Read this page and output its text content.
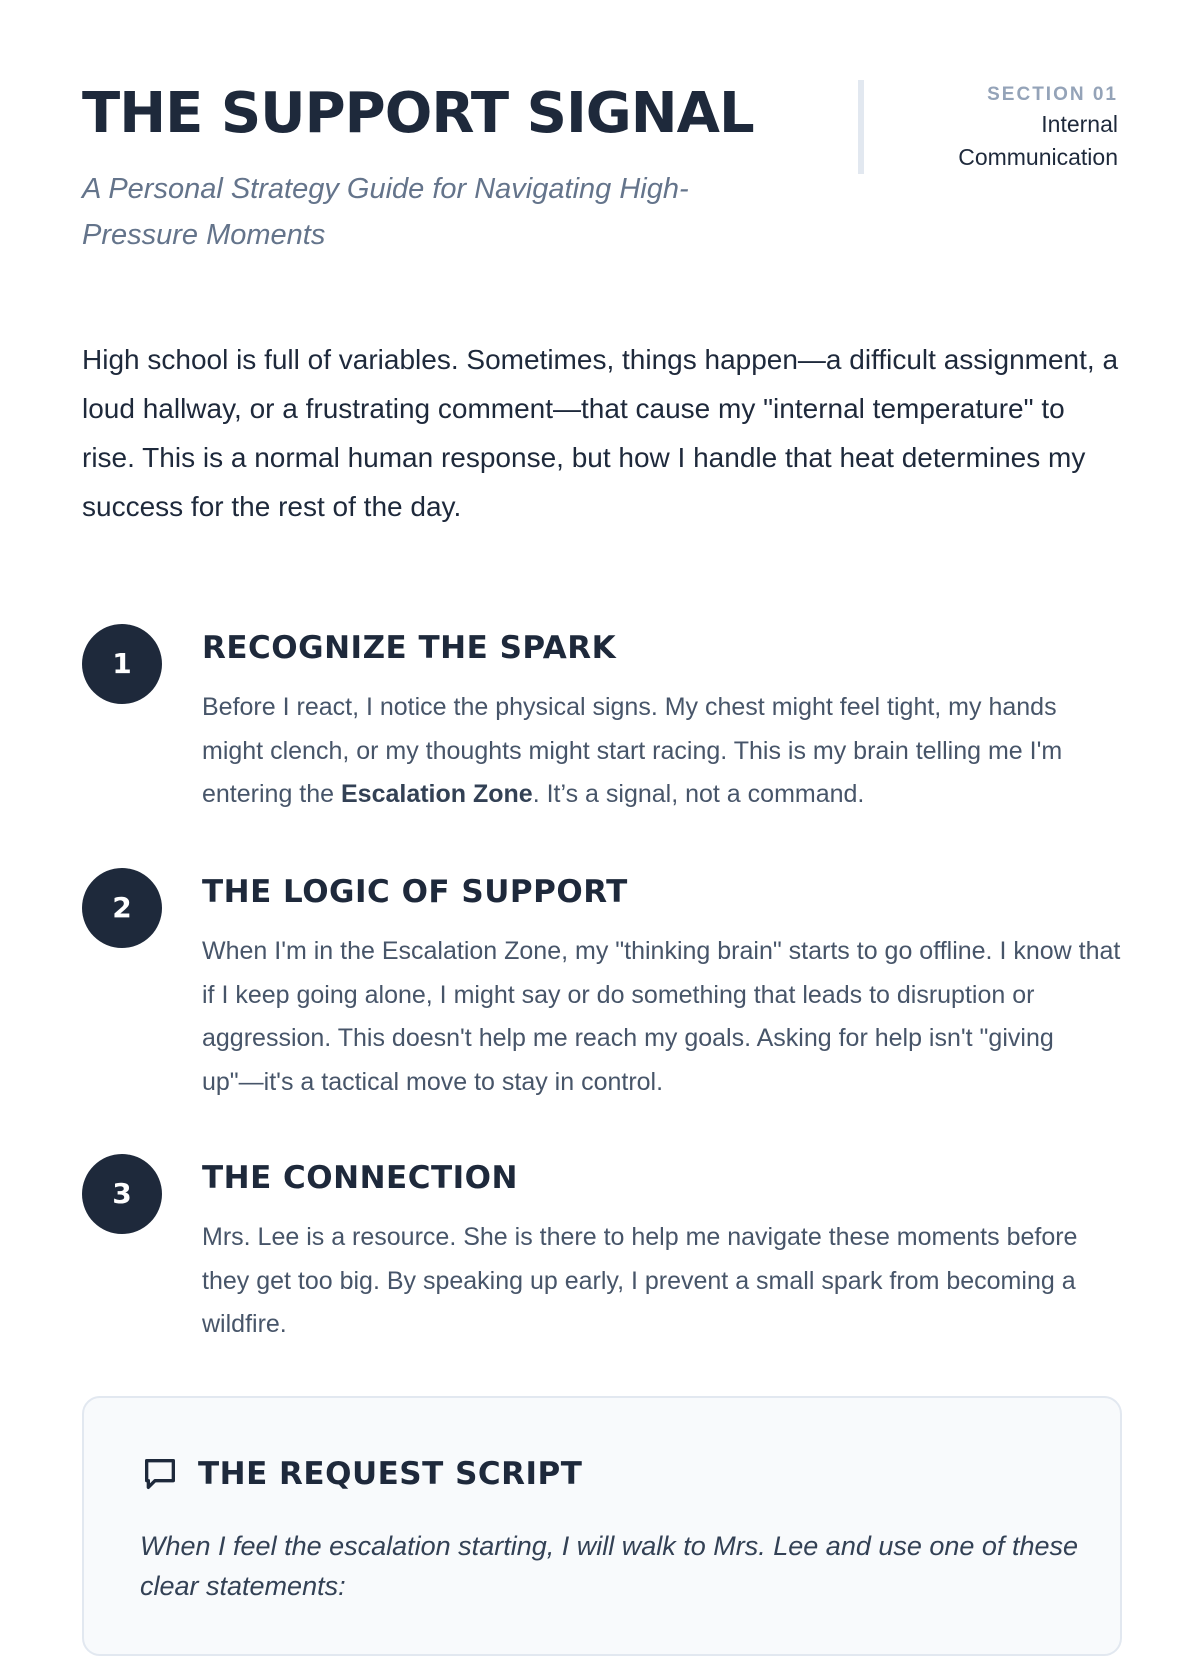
THE SUPPORT SIGNAL

A Personal Strategy Guide for Navigating High-Pressure Moments

SECTION 01
Internal Communication

High school is full of variables. Sometimes, things happen—a difficult assignment, a loud hallway, or a frustrating comment—that cause my "internal temperature" to rise. This is a normal human response, but how I handle that heat determines my success for the rest of the day.

1	RECOGNIZE THE SPARK

Before I react, I notice the physical signs. My chest might feel tight, my hands might clench, or my thoughts might start racing. This is my brain telling me I'm entering the Escalation Zone. It’s a signal, not a command.

2	THE LOGIC OF SUPPORT

When I'm in the Escalation Zone, my "thinking brain" starts to go offline. I know that if I keep going alone, I might say or do something that leads to disruption or aggression. This doesn't help me reach my goals. Asking for help isn't "giving up"—it's a tactical move to stay in control.

3	THE CONNECTION

Mrs. Lee is a resource. She is there to help me navigate these moments before they get too big. By speaking up early, I prevent a small spark from becoming a wildfire.

THE REQUEST SCRIPT

When I feel the escalation starting, I will walk to Mrs. Lee and use one of these clear statements:
